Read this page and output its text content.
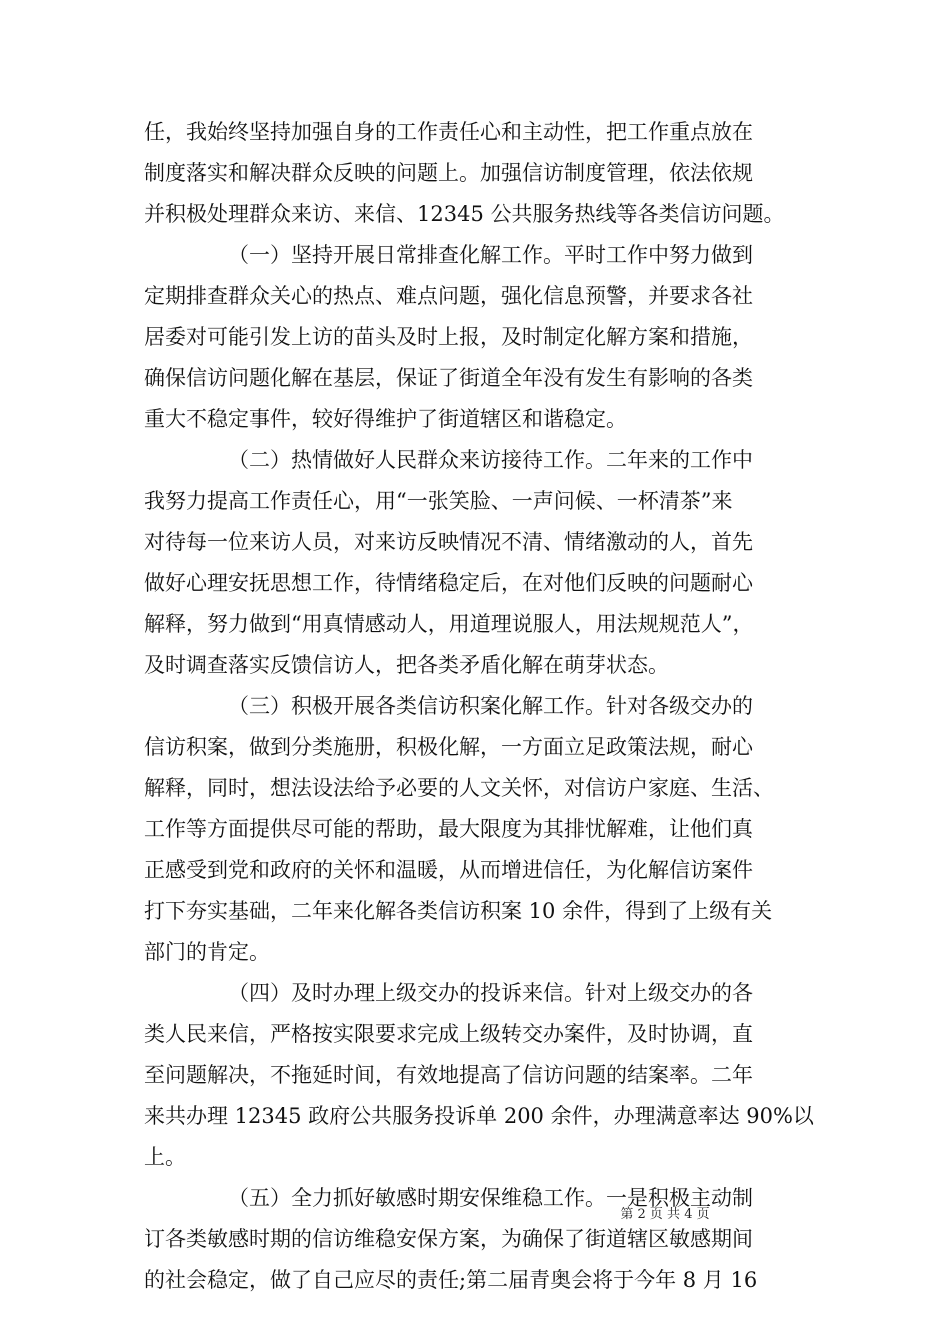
任，我始终坚持加强自身的工作责任心和主动性，把工作重点放在
制度落实和解决群众反映的问题上。加强信访制度管理，依法依规
并积极处理群众来访、来信、12345 公共服务热线等各类信访问题。
（一）坚持开展日常排查化解工作。平时工作中努力做到
定期排查群众关心的热点、难点问题，强化信息预警，并要求各社
居委对可能引发上访的苗头及时上报，及时制定化解方案和措施，
确保信访问题化解在基层，保证了街道全年没有发生有影响的各类
重大不稳定事件，较好得维护了街道辖区和谐稳定。
（二）热情做好人民群众来访接待工作。二年来的工作中
我努力提高工作责任心，用“一张笑脸、一声问候、一杯清茶”来
对待每一位来访人员，对来访反映情况不清、情绪激动的人，首先
做好心理安抚思想工作，待情绪稳定后，在对他们反映的问题耐心
解释，努力做到“用真情感动人，用道理说服人，用法规规范人”，
及时调查落实反馈信访人，把各类矛盾化解在萌芽状态。
（三）积极开展各类信访积案化解工作。针对各级交办的
信访积案，做到分类施册，积极化解，一方面立足政策法规，耐心
解释，同时，想法设法给予必要的人文关怀，对信访户家庭、生活、
工作等方面提供尽可能的帮助，最大限度为其排忧解难，让他们真
正感受到党和政府的关怀和温暖，从而增进信任，为化解信访案件
打下夯实基础，二年来化解各类信访积案 10 余件，得到了上级有关
部门的肯定。
（四）及时办理上级交办的投诉来信。针对上级交办的各
类人民来信，严格按实限要求完成上级转交办案件，及时协调，直
至问题解决，不拖延时间，有效地提高了信访问题的结案率。二年
来共办理 12345 政府公共服务投诉单 200 余件，办理满意率达 90%以
上。
（五）全力抓好敏感时期安保维稳工作。一是积极主动制
订各类敏感时期的信访维稳安保方案，为确保了街道辖区敏感期间
的社会稳定，做了自己应尽的责任;第二届青奥会将于今年 8 月 16
第 2 页 共 4 页
